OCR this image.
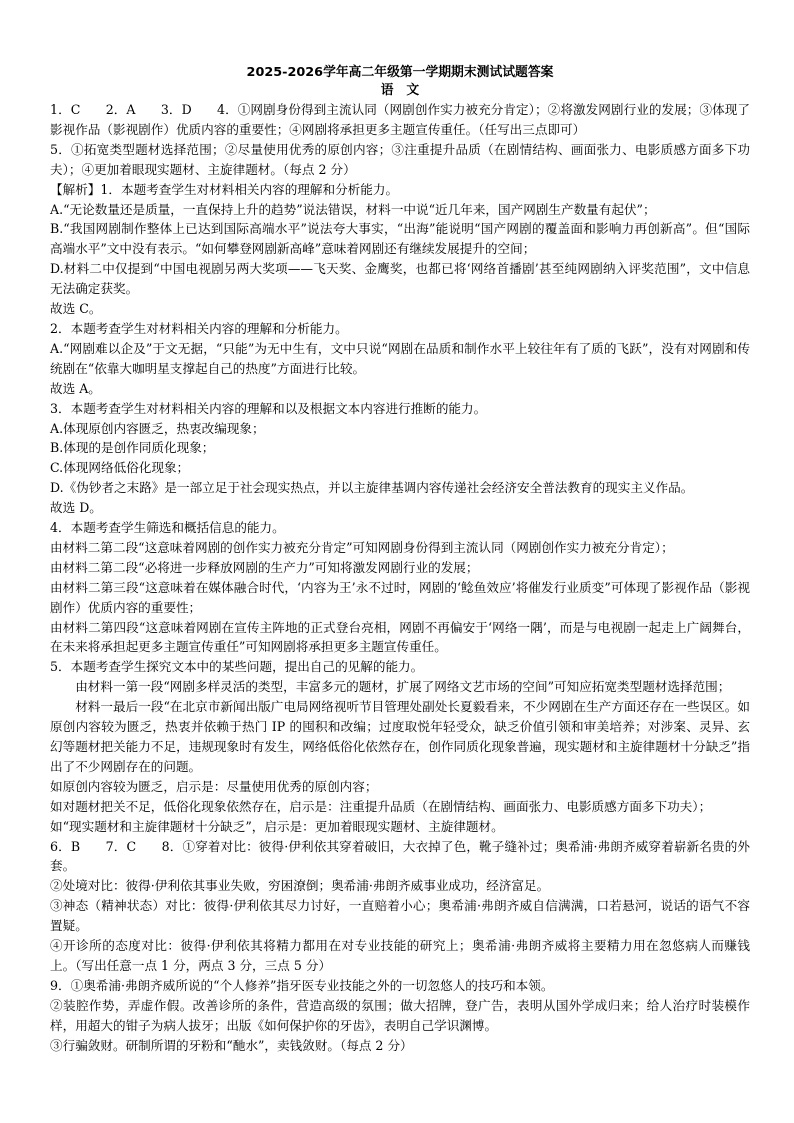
2025-2026学年高二年级第一学期期末测试试题答案

语　文

1．C　　2．A　　3．D　　4．①网剧身份得到主流认同（网剧创作实力被充分肯定）；②将激发网剧行业的发展；③体现了影视作品（影视剧作）优质内容的重要性；④网剧将承担更多主题宣传重任。（任写出三点即可）

5．①拓宽类型题材选择范围；②尽量使用优秀的原创内容；③注重提升品质（在剧情结构、画面张力、电影质感方面多下功夫）；④更加着眼现实题材、主旋律题材。（每点 2 分）

【解析】1．本题考查学生对材料相关内容的理解和分析能力。

A.“无论数量还是质量，一直保持上升的趋势”说法错误，材料一中说“近几年来，国产网剧生产数量有起伏”；

B.“我国网剧制作整体上已达到国际高端水平”说法夸大事实，“出海”能说明“国产网剧的覆盖面和影响力再创新高”。但“国际高端水平”文中没有表示。“如何攀登网剧新高峰”意味着网剧还有继续发展提升的空间；

D.材料二中仅提到“中国电视剧另两大奖项——飞天奖、金鹰奖，也都已将‘网络首播剧’甚至纯网剧纳入评奖范围”，文中信息无法确定获奖。

故选 C。

2．本题考查学生对材料相关内容的理解和分析能力。

A.“网剧难以企及”于文无据，“只能”为无中生有，文中只说“网剧在品质和制作水平上较往年有了质的飞跃”，没有对网剧和传统剧在“依靠大咖明星支撑起自己的热度”方面进行比较。

故选 A。

3．本题考查学生对材料相关内容的理解和以及根据文本内容进行推断的能力。

A.体现原创内容匮乏，热衷改编现象；

B.体现的是创作同质化现象；

C.体现网络低俗化现象；

D.《伪钞者之末路》是一部立足于社会现实热点，并以主旋律基调内容传递社会经济安全普法教育的现实主义作品。

故选 D。

4．本题考查学生筛选和概括信息的能力。

由材料二第二段“这意味着网剧的创作实力被充分肯定”可知网剧身份得到主流认同（网剧创作实力被充分肯定）；

由材料二第二段“必将进一步释放网剧的生产力”可知将激发网剧行业的发展；

由材料二第三段“这意味着在媒体融合时代，‘内容为王’永不过时，网剧的‘鲶鱼效应’将催发行业质变”可体现了影视作品（影视剧作）优质内容的重要性；

由材料二第四段“这意味着网剧在宣传主阵地的正式登台亮相，网剧不再偏安于‘网络一隅’，而是与电视剧一起走上广阔舞台，在未来将承担起更多主题宣传重任”可知网剧将承担更多主题宣传重任。

5．本题考查学生探究文本中的某些问题，提出自己的见解的能力。

由材料一第一段“网剧多样灵活的类型，丰富多元的题材，扩展了网络文艺市场的空间”可知应拓宽类型题材选择范围；

材料一最后一段“在北京市新闻出版广电局网络视听节目管理处副处长夏毅看来，不少网剧在生产方面还存在一些误区。如原创内容较为匮乏，热衷并依赖于热门 IP 的囤积和改编；过度取悦年轻受众，缺乏价值引领和审美培养；对涉案、灵异、玄幻等题材把关能力不足，违规现象时有发生，网络低俗化依然存在，创作同质化现象普遍，现实题材和主旋律题材十分缺乏”指出了不少网剧存在的问题。

如原创内容较为匮乏，启示是：尽量使用优秀的原创内容；

如对题材把关不足，低俗化现象依然存在，启示是：注重提升品质（在剧情结构、画面张力、电影质感方面多下功夫）；

如“现实题材和主旋律题材十分缺乏”，启示是：更加着眼现实题材、主旋律题材。

6．B　　7．C　　8．①穿着对比：彼得·伊利依其穿着破旧，大衣掉了色，靴子缝补过；奥希浦·弗朗齐威穿着崭新名贵的外套。

②处境对比：彼得·伊利依其事业失败，穷困潦倒；奥希浦·弗朗齐威事业成功，经济富足。

③神态（精神状态）对比：彼得·伊利依其尽力讨好，一直赔着小心；奥希浦·弗朗齐威自信满满，口若悬河，说话的语气不容置疑。

④开诊所的态度对比：彼得·伊利依其将精力都用在对专业技能的研究上；奥希浦·弗朗齐威将主要精力用在忽悠病人而赚钱上。（写出任意一点 1 分，两点 3 分，三点 5 分）

9．①奥希浦·弗朗齐威所说的“个人修养”指牙医专业技能之外的一切忽悠人的技巧和本领。

②装腔作势，弄虚作假。改善诊所的条件，营造高级的氛围；做大招牌，登广告，表明从国外学成归来；给人治疗时装模作样，用超大的钳子为病人拔牙；出版《如何保护你的牙齿》，表明自己学识渊博。

③行骗敛财。研制所谓的牙粉和“酏水”，卖钱敛财。（每点 2 分）
